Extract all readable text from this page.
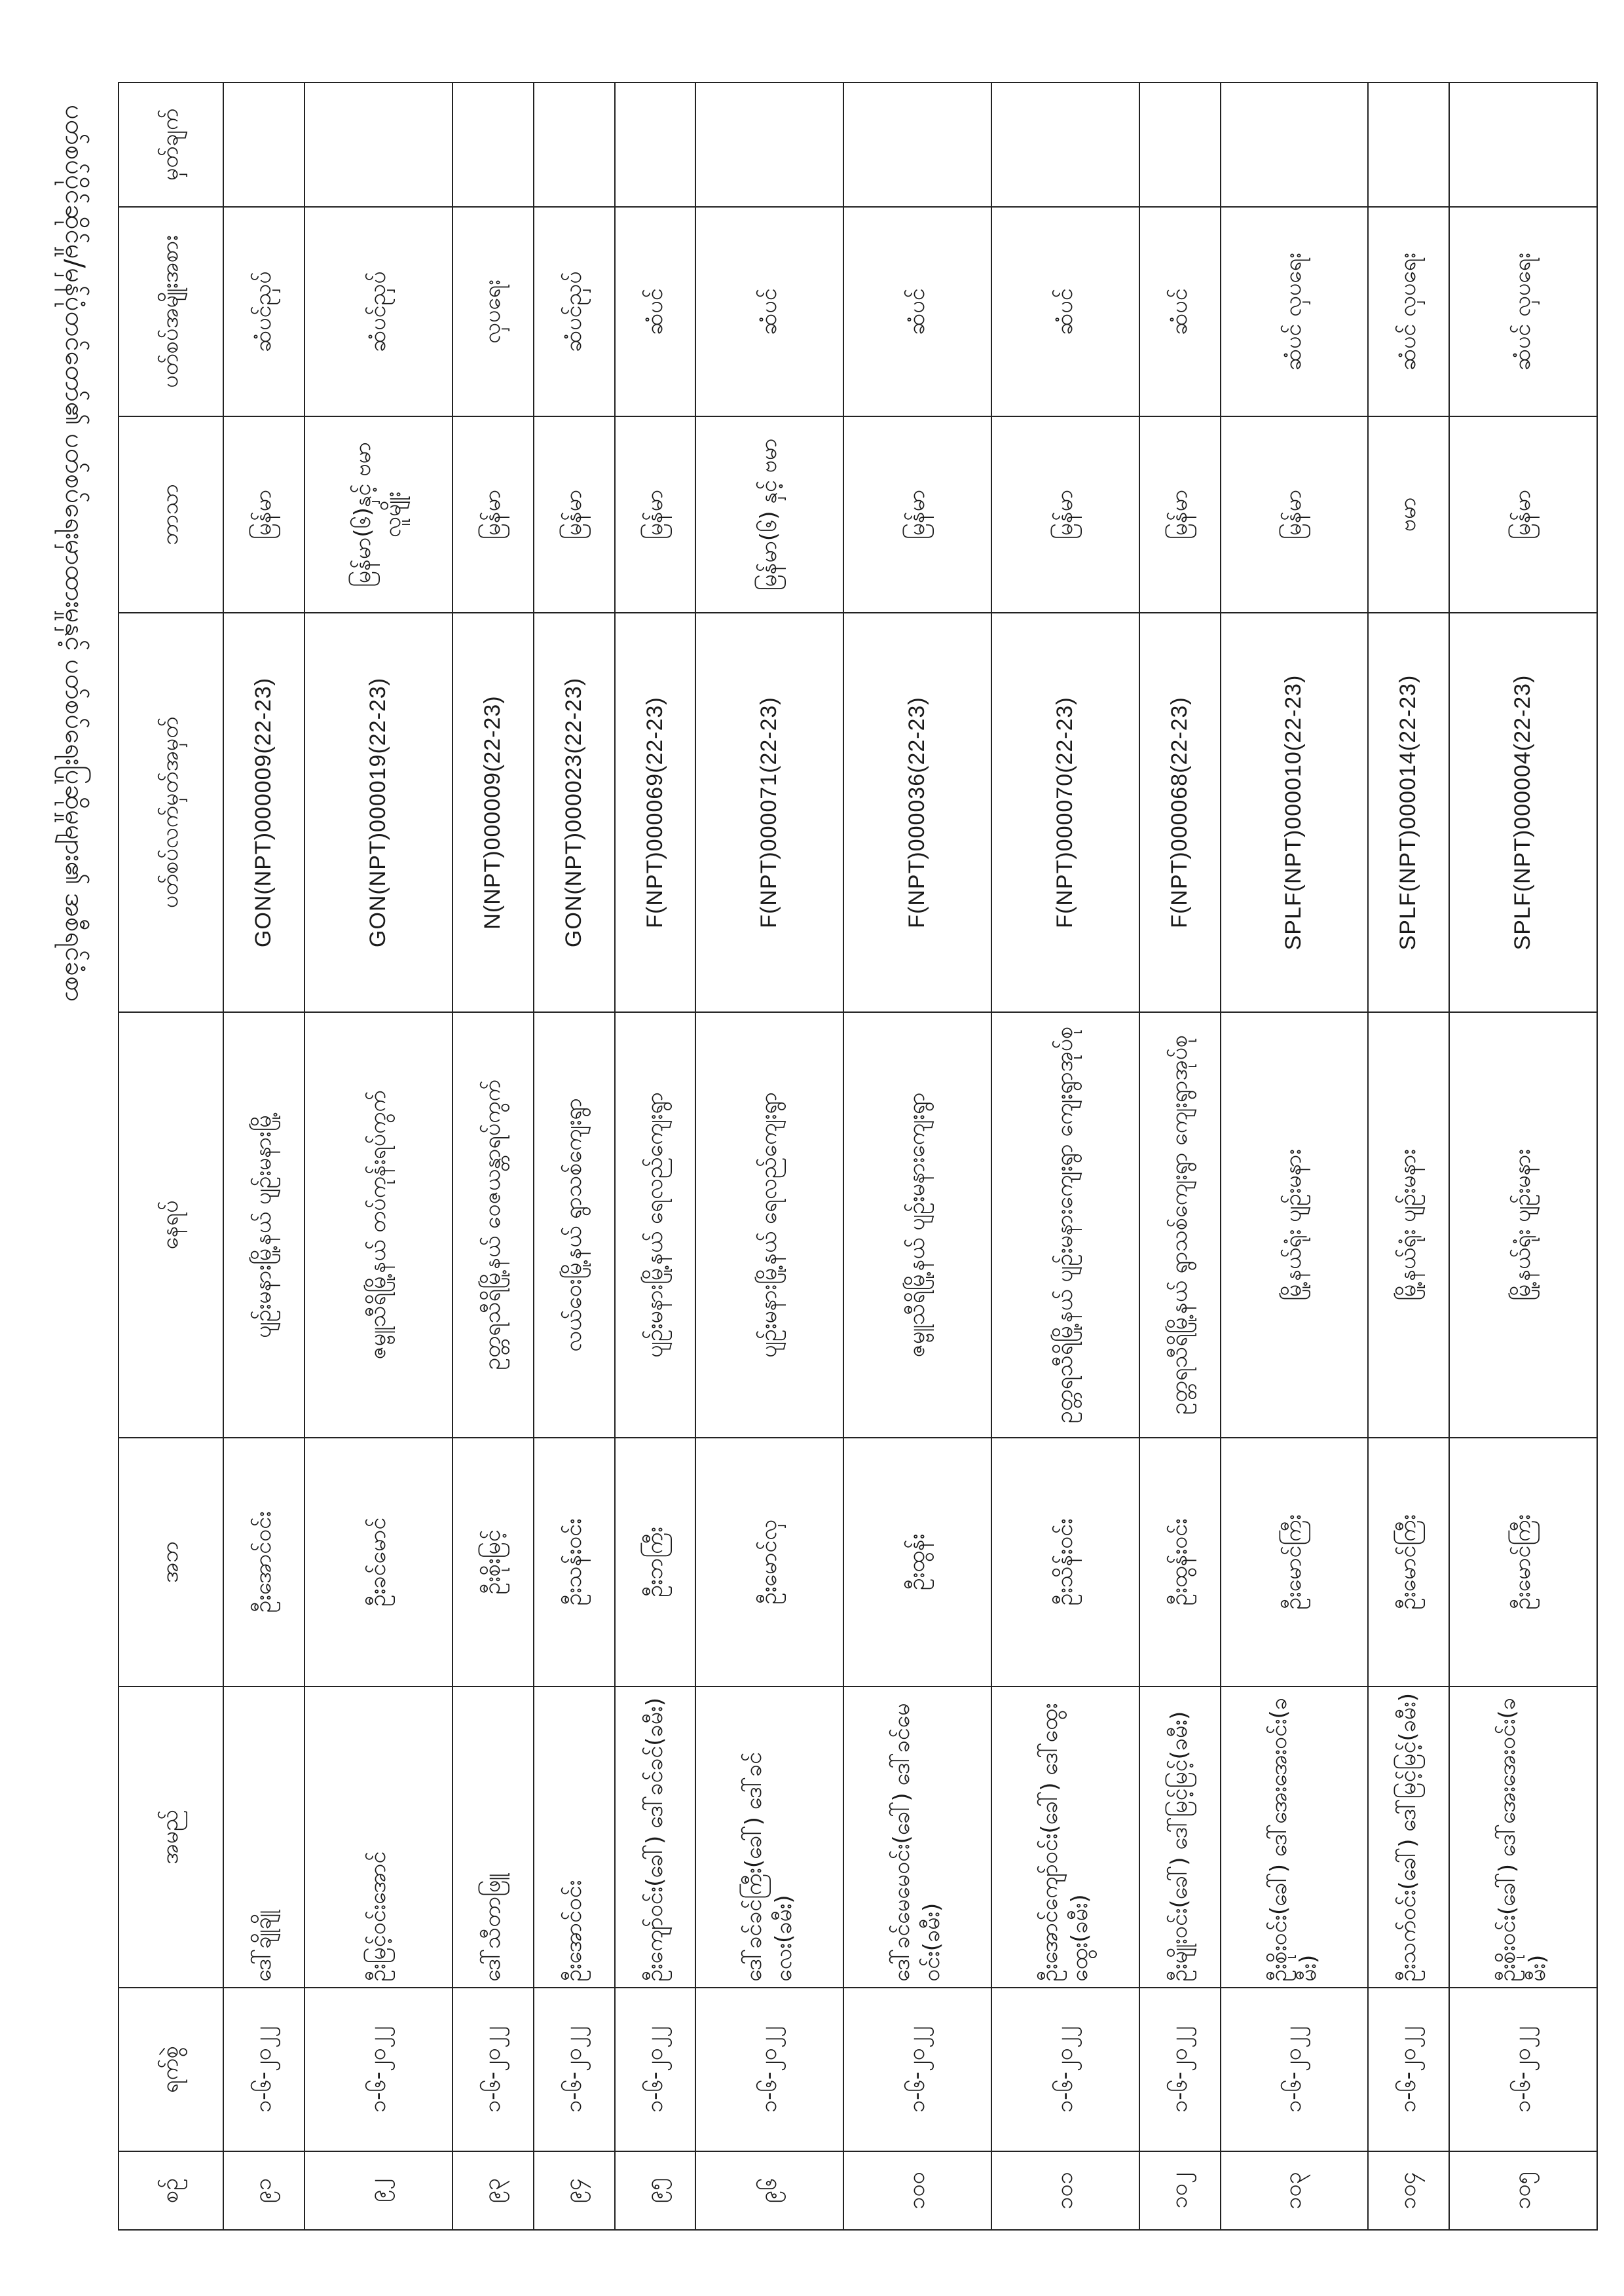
ပတ်စပ်ပိုင်ဆိုင်မှု/မှန်ပုံတင်တော်၏ ပတ်စပ်ရေးမှာထားမှုနှင့် ပတ်စပ်ရေးပြုဆိုမှုများ၏ အစီရင်ခံစာ
စဉ်	ရက်စွဲ	အမည်	အဘ	နေရပ်	ပတ်စပ်လက်မှတ်အမှတ်	ဘာသာ	ပတ်စပ်အမျိုးအစား	မှတ်ချက်
၉၁	၁-၆-၂၀၂၂	ဒေါ်ချိုချို	ဦးအောင်ဝင်း	ပျဉ်းမနားမြို့နယ် ပျဉ်းမနားမြို့	GON(NPT)000009(22-23)	မြန်မာ	ဆံပင်ညှပ်	
၉၂	၁-၆-၂၀၂၂	ဦးမြင့်ဝင်းအောင်	ဦးခင်မောင်	ဇမ္ဗူသီရိမြို့နယ် တပ်ကုန်းရပ်ကွက်	GON(NPT)000019(22-23)	မြန်မာ(၆)နှင့် ဗမာလူမျိုး	ဆံပင်ညှပ်	
၉၃	၁-၆-၂၀၂၂	ဒေါ်သီတာဖြူ	ဦးစိုးမြင့်	ဥတ္တရသီရိမြို့နယ် ဝေဇယန္တာရပ်ကွက်	N(NPT)000009(22-23)	မြန်မာ	လှပရေး	
၉၄	၁-၆-၂၀၂၂	ဦးအောင်ဝင်း	ဦးသန်းဝင်း	လယ်ဝေးမြို့နယ် ရွာသစ်ကျေးရွာ	GON(NPT)000023(22-23)	မြန်မာ	ဆံပင်ညှပ်	
၉၅	၁-၆-၂၀၂၂	ဦးကျော်ဝင်း(ခေါ်) ဒေါ်ခင်ခင်(ခမီး)	ဦးဘကြီး	ပျဉ်းမနားမြို့နယ် ရေလည်ကျေးရွာ	F(NPT)000069(22-23)	မြန်မာ	ဆံပင်	
၉၆	၁-၆-၂၀၂၂	ဒေါ်ခင်ခင်ကြီး(ခေါ်) ဒေါ်ခင်လေး(ခမီး)	ဦးမောင်လှ	ပျဉ်းမနားမြို့နယ် ရေလည်ကျေးရွာ	F(NPT)000071(22-23)	မြန်မာ(၆) နှင့် ဗမာ	ဆံပင်	
၁၀၀	၁-၆-၂၀၂၂	ဒေါ်ခင်မေမေဝင်း(ခေါ်) ဒေါ်ခင်မေဝင်း(ခမီး)	ဦးထွန်း	ဇမ္ဗူသီရိမြို့နယ် ပျဉ်းမနားကျေးရွာ	F(NPT)000036(22-23)	မြန်မာ	ဆံပင်	
၁၀၁	၁-၆-၂၀၂၂	ဦးအောင်ကျော်ဝင်း(ခေါ်) ဒေါ်ထွေးထွေး(ခမီး)	ဦးသိန်းဝင်း	ဥတ္တရသီရိမြို့နယ် ပျဉ်းမနားကျေးရွာ ကျေးရွာအုပ်စု	F(NPT)000070(22-23)	မြန်မာ	ဆံပင်	
၁၀၂	၁-၆-၂၀၂၂	ဦးမျိုးဝင်း(ခေါ်) ဒေါ်မြင့်မြင့်(ခမီး)	ဦးထွန်းဝင်း	ဥတ္တရသီရိမြို့နယ် ရွာသစ်ကျေးရွာ ကျေးရွာအုပ်စု	F(NPT)000068(22-23)	မြန်မာ	ဆံပင်	
၁၀၃	၁-၆-၂၀၂၂	ဦးစိုးဝင်း(ခေါ်) ဒေါ်အေးအေးဝင်း(ခမီး)	ဦးမောင်ကြီး	မြို့နယ်ရုံး ပျဉ်းမနား	SPLF(NPT)000010(22-23)	မြန်မာ	ဆံပင် လှပရေး	
၁၀၄	၁-၆-၂၀၂၂	ဦးသက်ဝင်း(ခေါ်) ဒေါ်မြင့်မြင့်(ခမီး)	ဦးမောင်ကြီး	မြို့နယ်ရုံး ပျဉ်းမနား	SPLF(NPT)000014(22-23)	ဗမာ	ဆံပင် လှပရေး	
၁၀၅	၁-၆-၂၀၂၂	ဦးစိုးဝင်း(ခေါ်) ဒေါ်အေးအေးဝင်း(ခမီး)	ဦးမောင်ကြီး	မြို့နယ်ရုံး ပျဉ်းမနား	SPLF(NPT)000004(22-23)	မြန်မာ	ဆံပင် လှပရေး	
